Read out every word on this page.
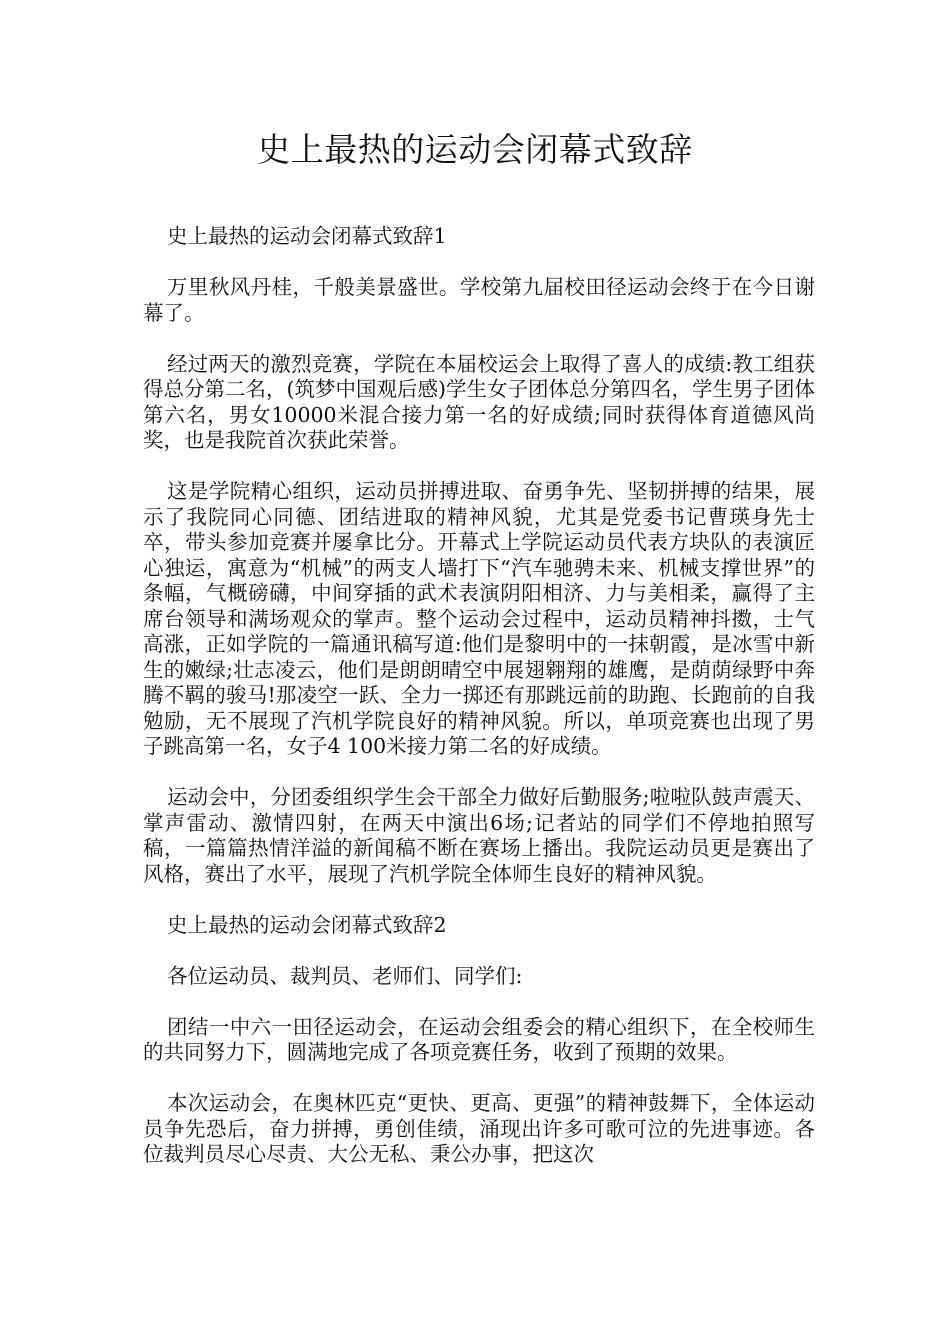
史上最热的运动会闭幕式致辞

史上最热的运动会闭幕式致辞1

万里秋风丹桂，千般美景盛世。学校第九届校田径运动会终于在今日谢幕了。

经过两天的激烈竞赛，学院在本届校运会上取得了喜人的成绩:教工组获得总分第二名，(筑梦中国观后感)学生女子团体总分第四名，学生男子团体第六名，男女10000米混合接力第一名的好成绩;同时获得体育道德风尚奖，也是我院首次获此荣誉。

这是学院精心组织，运动员拼搏进取、奋勇争先、坚韧拼搏的结果，展示了我院同心同德、团结进取的精神风貌，尤其是党委书记曹瑛身先士卒，带头参加竞赛并屡拿比分。开幕式上学院运动员代表方块队的表演匠心独运，寓意为“机械”的两支人墙打下“汽车驰骋未来、机械支撑世界”的条幅，气概磅礴，中间穿插的武术表演阴阳相济、力与美相柔，赢得了主席台领导和满场观众的掌声。整个运动会过程中，运动员精神抖擞，士气高涨，正如学院的一篇通讯稿写道:他们是黎明中的一抹朝霞，是冰雪中新生的嫩绿;壮志凌云，他们是朗朗晴空中展翅翱翔的雄鹰，是荫荫绿野中奔腾不羁的骏马!那凌空一跃、全力一掷还有那跳远前的助跑、长跑前的自我勉励，无不展现了汽机学院良好的精神风貌。所以，单项竞赛也出现了男子跳高第一名，女子4 100米接力第二名的好成绩。

运动会中，分团委组织学生会干部全力做好后勤服务;啦啦队鼓声震天、掌声雷动、激情四射，在两天中演出6场;记者站的同学们不停地拍照写稿，一篇篇热情洋溢的新闻稿不断在赛场上播出。我院运动员更是赛出了风格，赛出了水平，展现了汽机学院全体师生良好的精神风貌。

史上最热的运动会闭幕式致辞2

各位运动员、裁判员、老师们、同学们:

团结一中六一田径运动会，在运动会组委会的精心组织下，在全校师生的共同努力下，圆满地完成了各项竞赛任务，收到了预期的效果。

本次运动会，在奥林匹克“更快、更高、更强”的精神鼓舞下，全体运动员争先恐后，奋力拼搏，勇创佳绩，涌现出许多可歌可泣的先进事迹。各位裁判员尽心尽责、大公无私、秉公办事，把这次
